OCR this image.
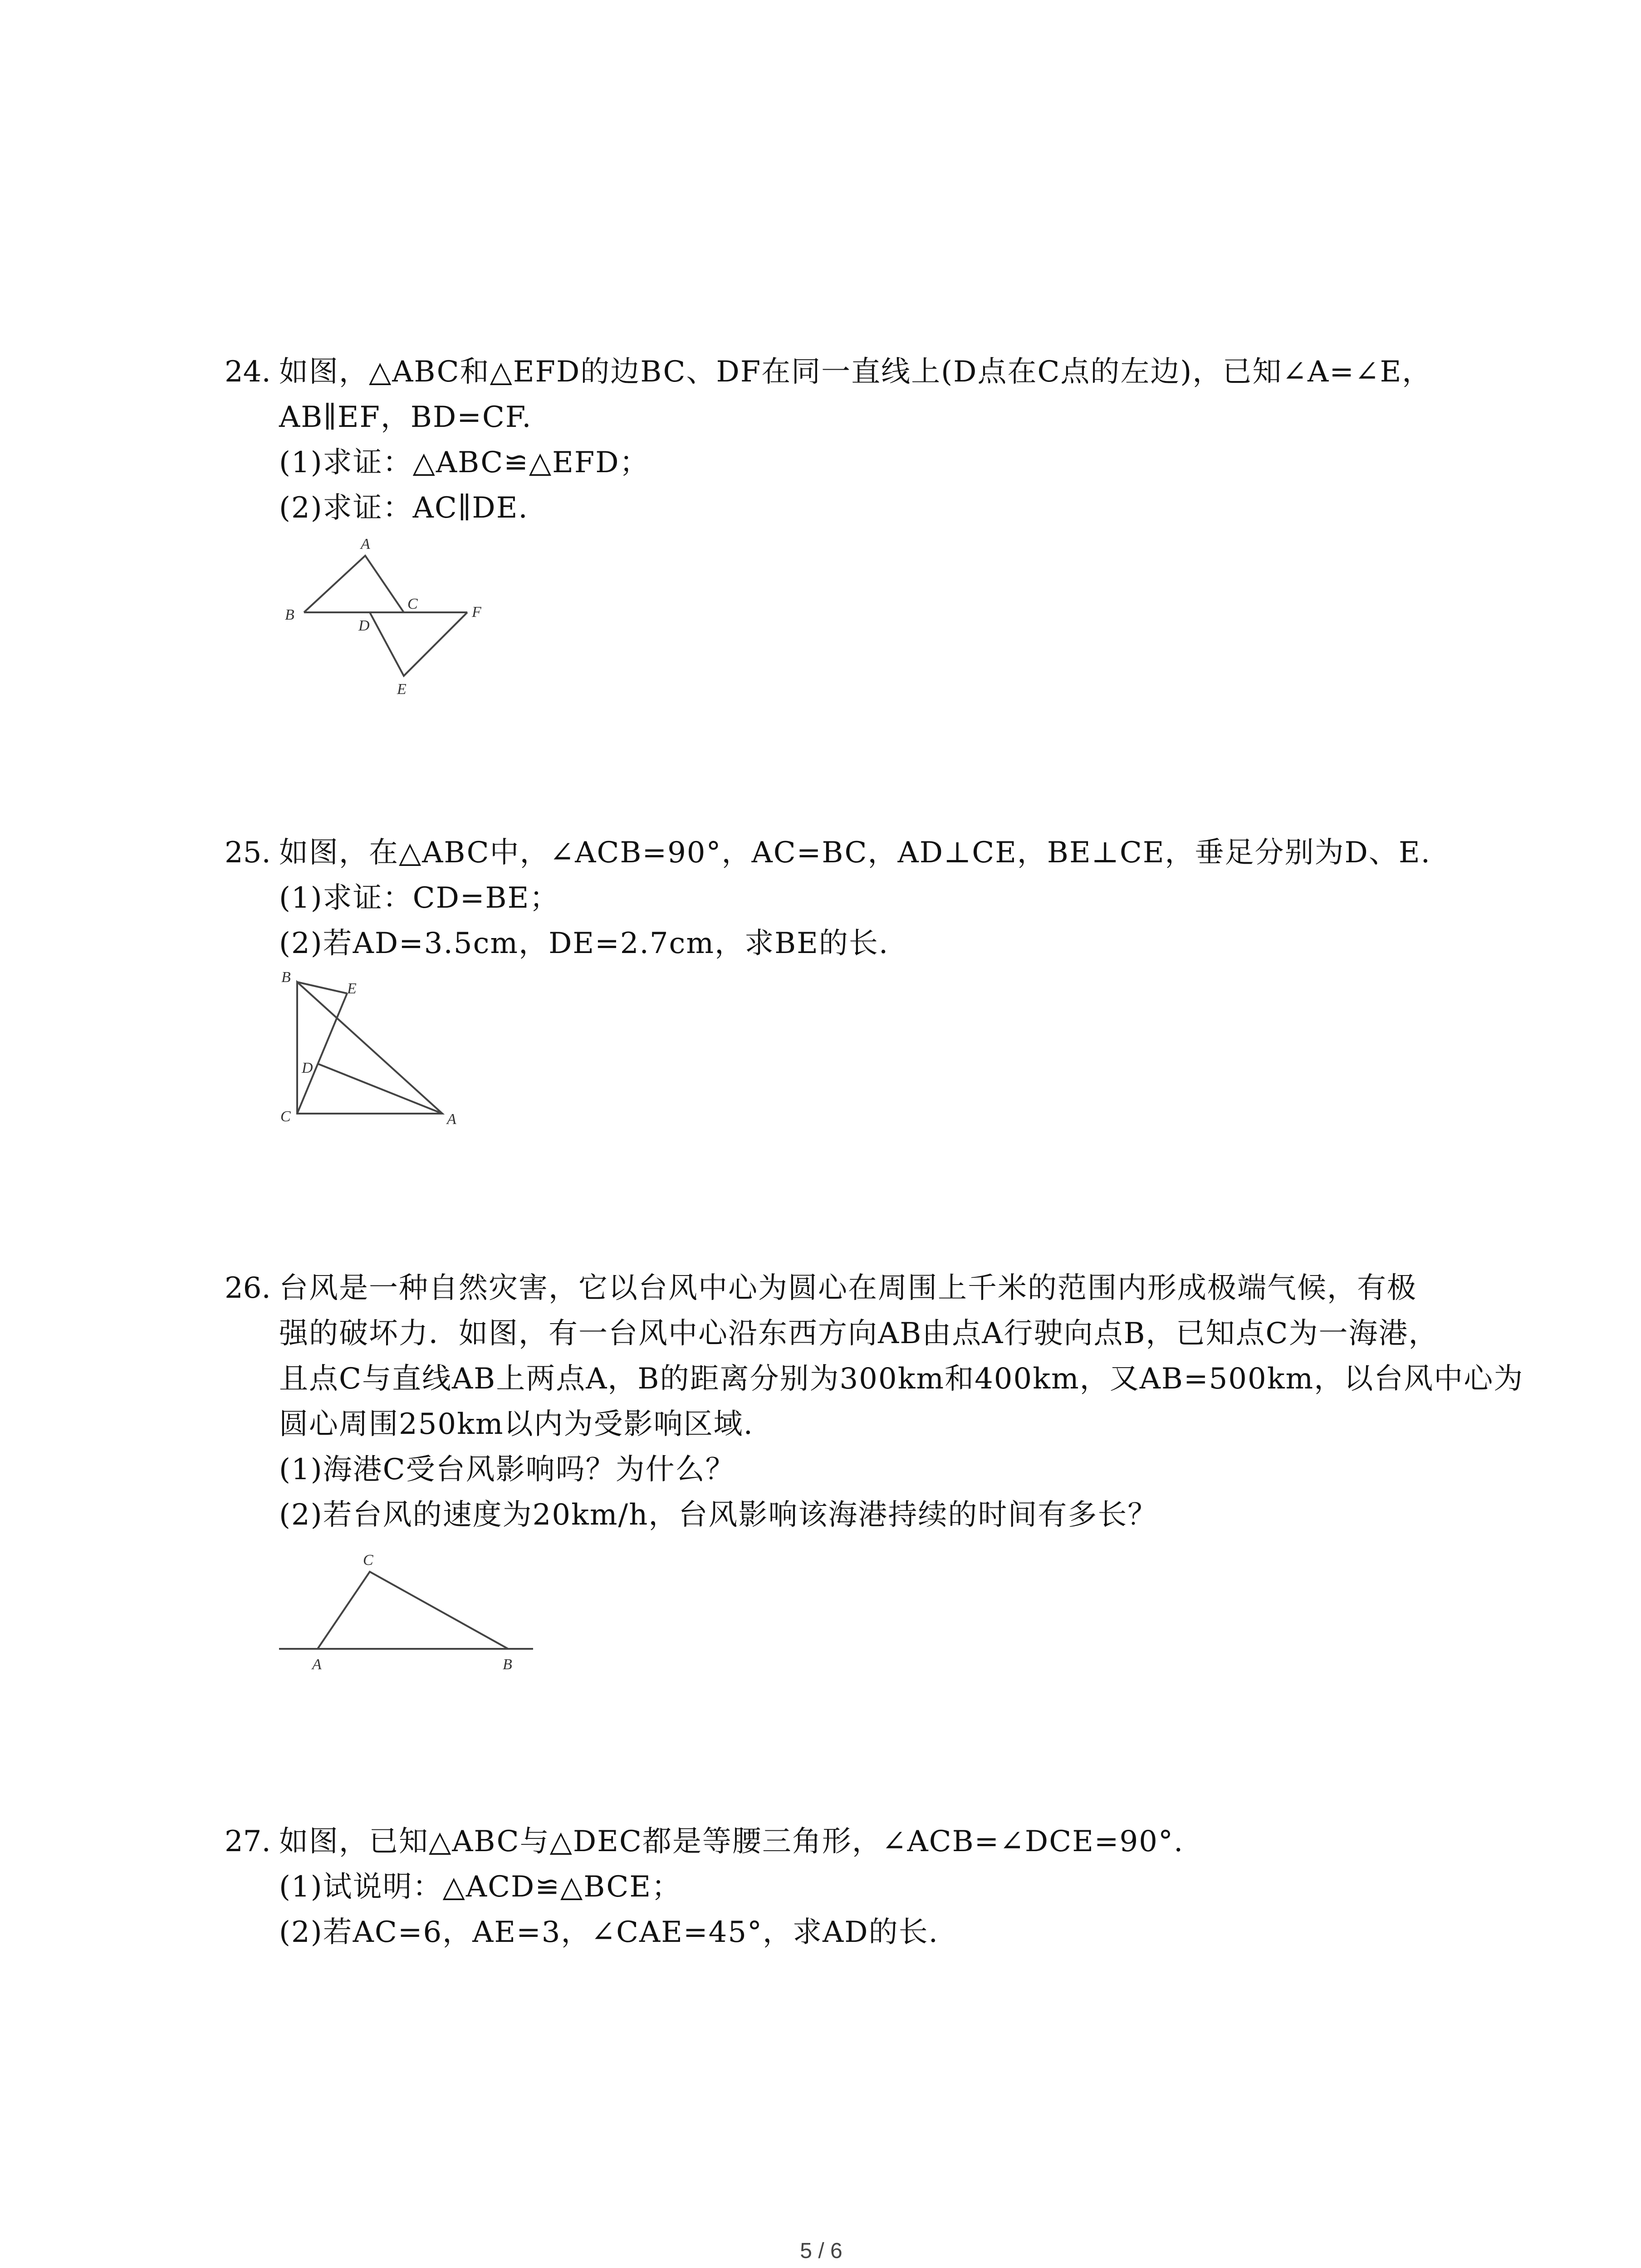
24. 如图，△ABC和△EFD的边BC、DF在同一直线上(D点在C点的左边)，已知∠A=∠E，
AB∥EF，BD=CF.
(1)求证：△ABC≌△EFD；
(2)求证：AC∥DE.
A
B
C
D
E
F
25. 如图，在△ABC中，∠ACB=90°，AC=BC，AD⊥CE，BE⊥CE，垂足分别为D、E.
(1)求证：CD=BE；
(2)若AD=3.5cm，DE=2.7cm，求BE的长.
B
E
D
C	A
26. 台风是一种自然灾害，它以台风中心为圆心在周围上千米的范围内形成极端气候，有极
强的破坏力．如图，有一台风中心沿东西方向AB由点A行驶向点B，已知点C为一海港，
且点C与直线AB上两点A，B的距离分别为300km和400km，又AB=500km，以台风中心为
圆心周围250km以内为受影响区域.
(1)海港C受台风影响吗？为什么？
(2)若台风的速度为20km/h，台风影响该海港持续的时间有多长？
C
A	B
27. 如图，已知△ABC与△DEC都是等腰三角形，∠ACB=∠DCE=90°.
(1)试说明：△ACD≌△BCE；
(2)若AC=6，AE=3，∠CAE=45°，求AD的长.
5 / 6
